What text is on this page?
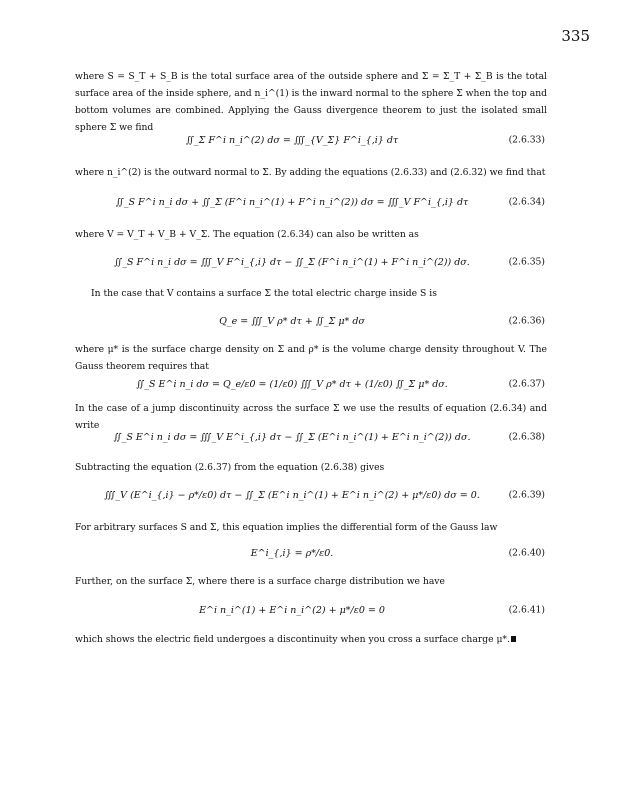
335
where S = S_T + S_B is the total surface area of the outside sphere and Σ = Σ_T + Σ_B is the total surface area of the inside sphere, and n_i^(1) is the inward normal to the sphere Σ when the top and bottom volumes are combined. Applying the Gauss divergence theorem to just the isolated small sphere Σ we find
∬_Σ F^i n_i^(2) dσ = ∭_{V_Σ} F^i_{,i} dτ	(2.6.33)
where n_i^(2) is the outward normal to Σ. By adding the equations (2.6.33) and (2.6.32) we find that
∬_S F^i n_i dσ + ∬_Σ (F^i n_i^(1) + F^i n_i^(2)) dσ = ∭_V F^i_{,i} dτ	(2.6.34)
where V = V_T + V_B + V_Σ. The equation (2.6.34) can also be written as
∬_S F^i n_i dσ = ∭_V F^i_{,i} dτ − ∬_Σ (F^i n_i^(1) + F^i n_i^(2)) dσ.	(2.6.35)
In the case that V contains a surface Σ the total electric charge inside S is
Q_e = ∭_V ρ* dτ + ∬_Σ μ* dσ	(2.6.36)
where μ* is the surface charge density on Σ and ρ* is the volume charge density throughout V. The Gauss theorem requires that
∬_S E^i n_i dσ = Q_e/ε0 = (1/ε0) ∭_V ρ* dτ + (1/ε0) ∬_Σ μ* dσ.	(2.6.37)
In the case of a jump discontinuity across the surface Σ we use the results of equation (2.6.34) and write
∬_S E^i n_i dσ = ∭_V E^i_{,i} dτ − ∬_Σ (E^i n_i^(1) + E^i n_i^(2)) dσ.	(2.6.38)
Subtracting the equation (2.6.37) from the equation (2.6.38) gives
∭_V (E^i_{,i} − ρ*/ε0) dτ − ∬_Σ (E^i n_i^(1) + E^i n_i^(2) + μ*/ε0) dσ = 0.	(2.6.39)
For arbitrary surfaces S and Σ, this equation implies the differential form of the Gauss law
E^i_{,i} = ρ*/ε0.	(2.6.40)
Further, on the surface Σ, where there is a surface charge distribution we have
E^i n_i^(1) + E^i n_i^(2) + μ*/ε0 = 0	(2.6.41)
which shows the electric field undergoes a discontinuity when you cross a surface charge μ*.
